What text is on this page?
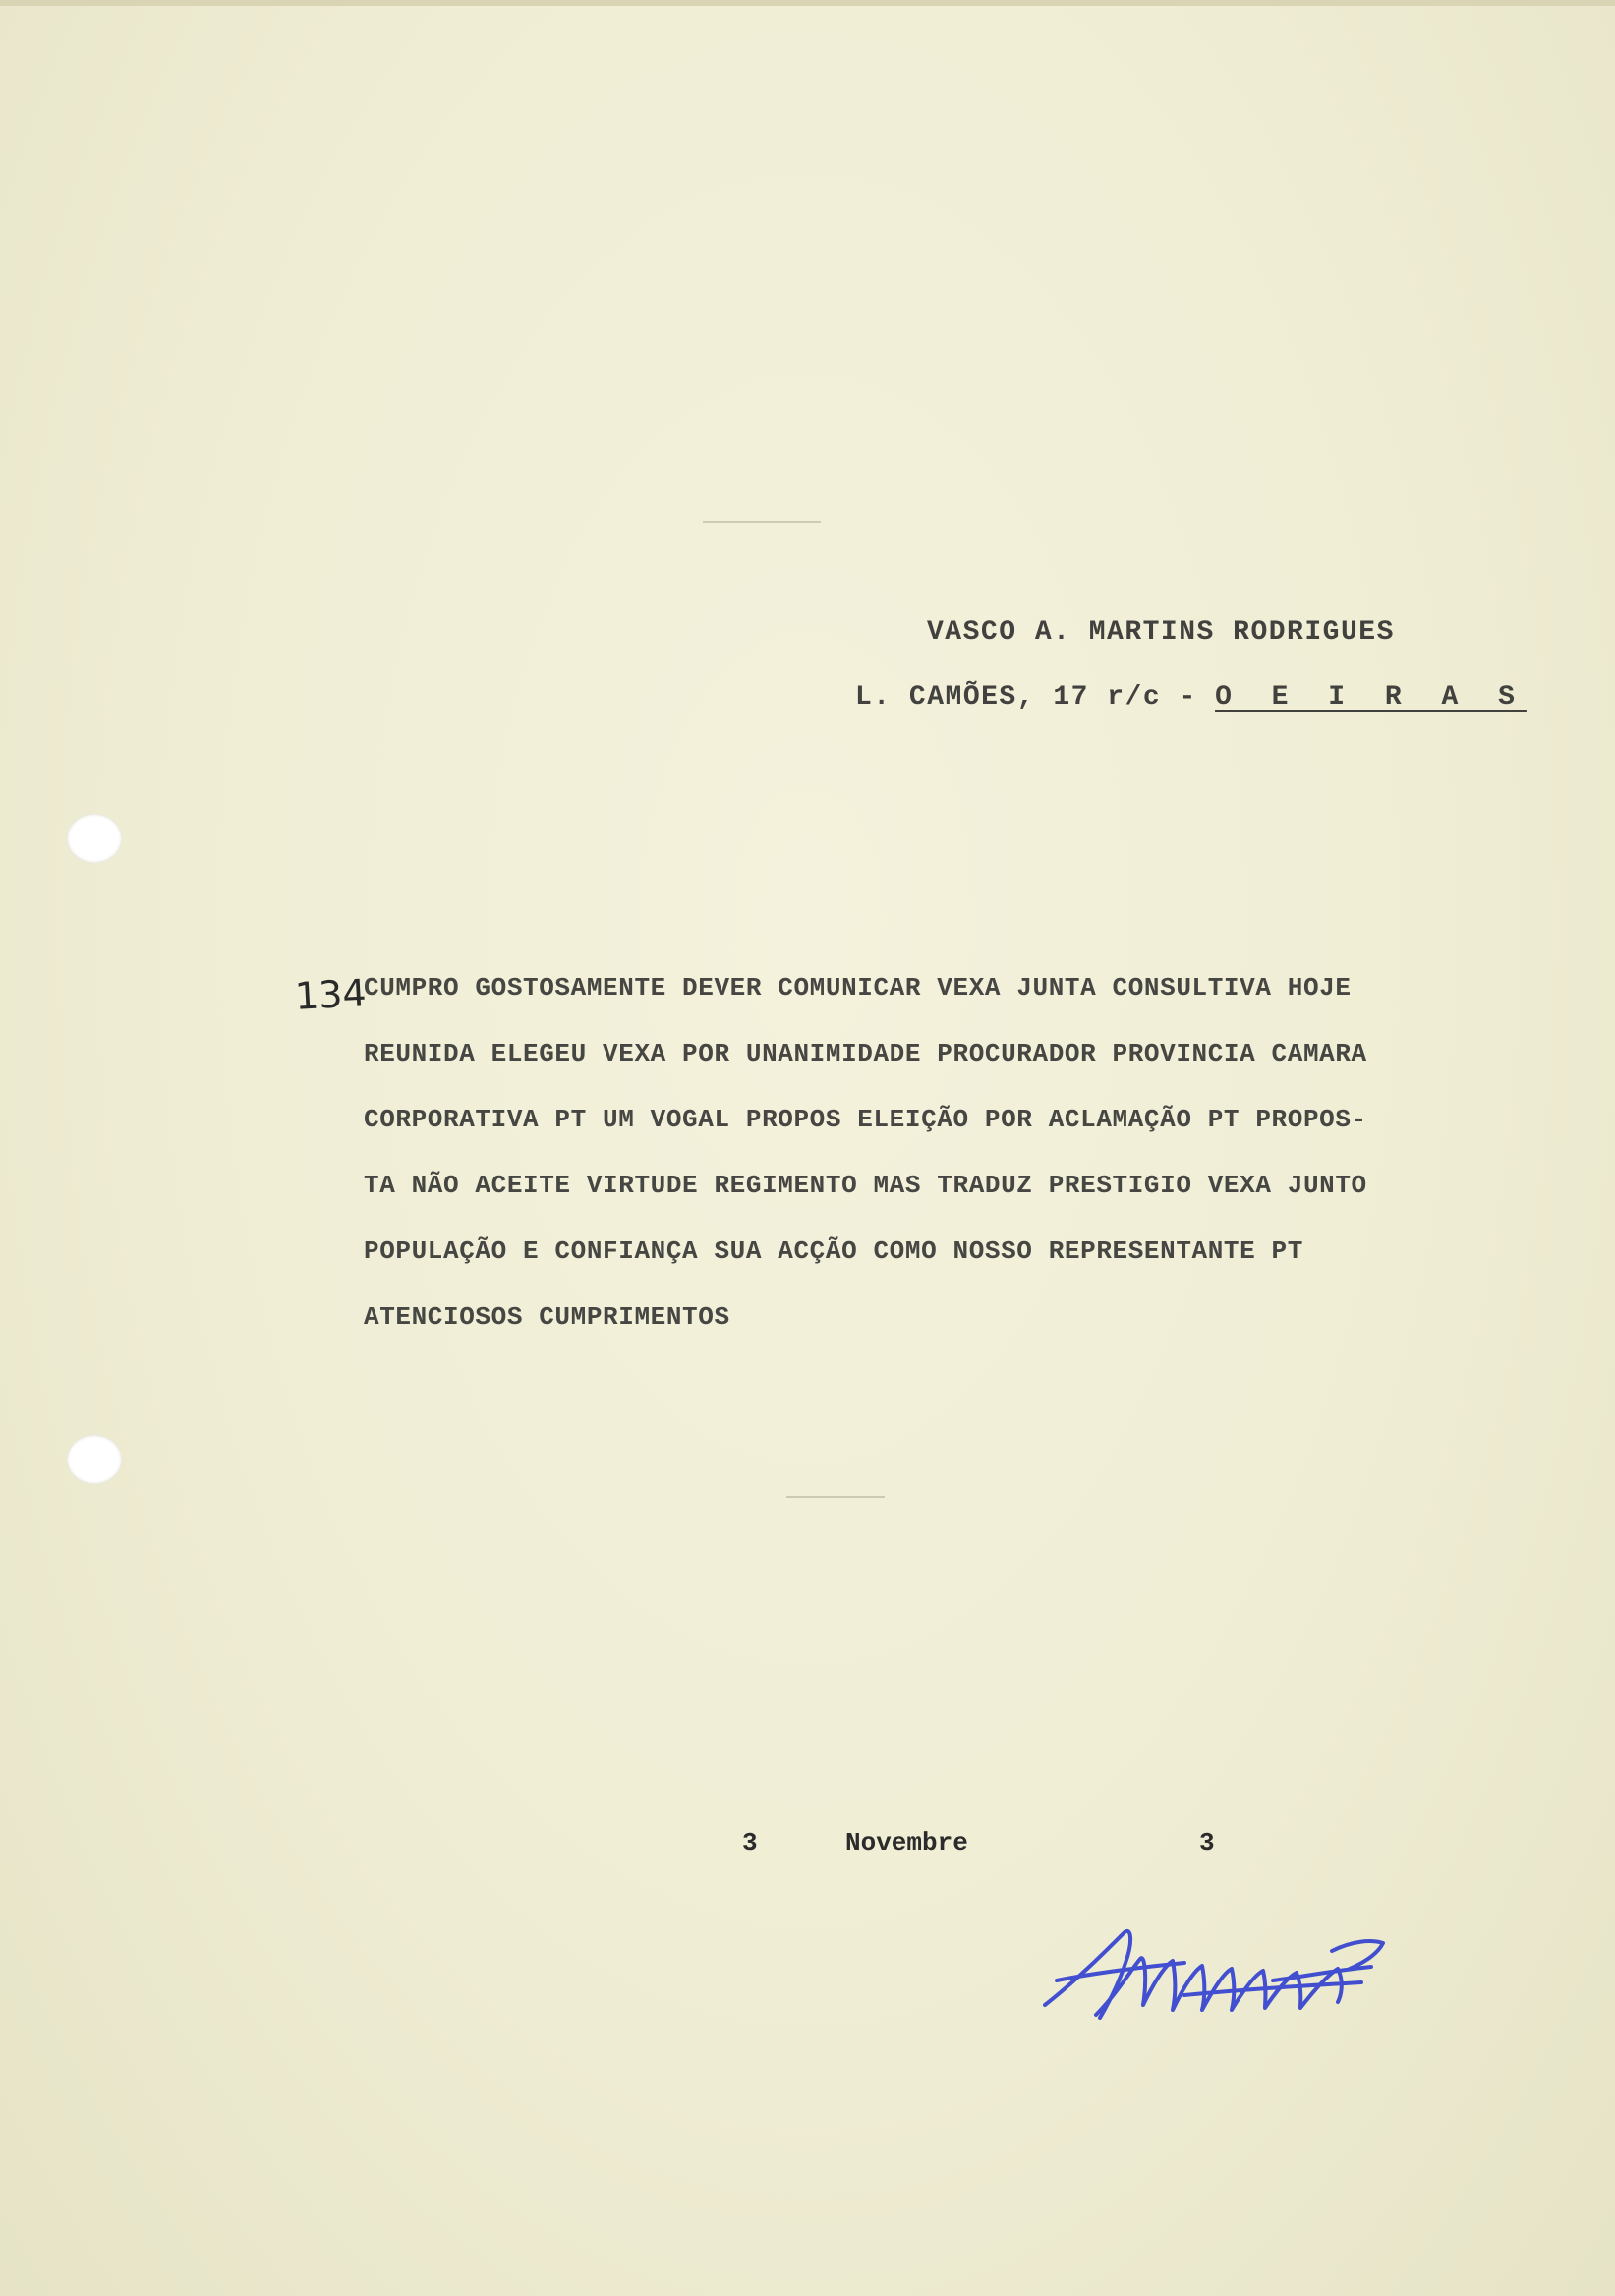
VASCO A. MARTINS RODRIGUES
L. CAMÕES, 17 r/c - O E I R A S
134
CUMPRO GOSTOSAMENTE DEVER COMUNICAR VEXA JUNTA CONSULTIVA HOJE
REUNIDA ELEGEU VEXA POR UNANIMIDADE PROCURADOR PROVINCIA CAMARA
CORPORATIVA PT UM VOGAL PROPOS ELEIÇÃO POR ACLAMAÇÃO PT PROPOS-
TA NÃO ACEITE VIRTUDE REGIMENTO MAS TRADUZ PRESTIGIO VEXA JUNTO
POPULAÇÃO E CONFIANÇA SUA ACÇÃO COMO NOSSO REPRESENTANTE PT
ATENCIOSOS CUMPRIMENTOS
3	Novembre	3
